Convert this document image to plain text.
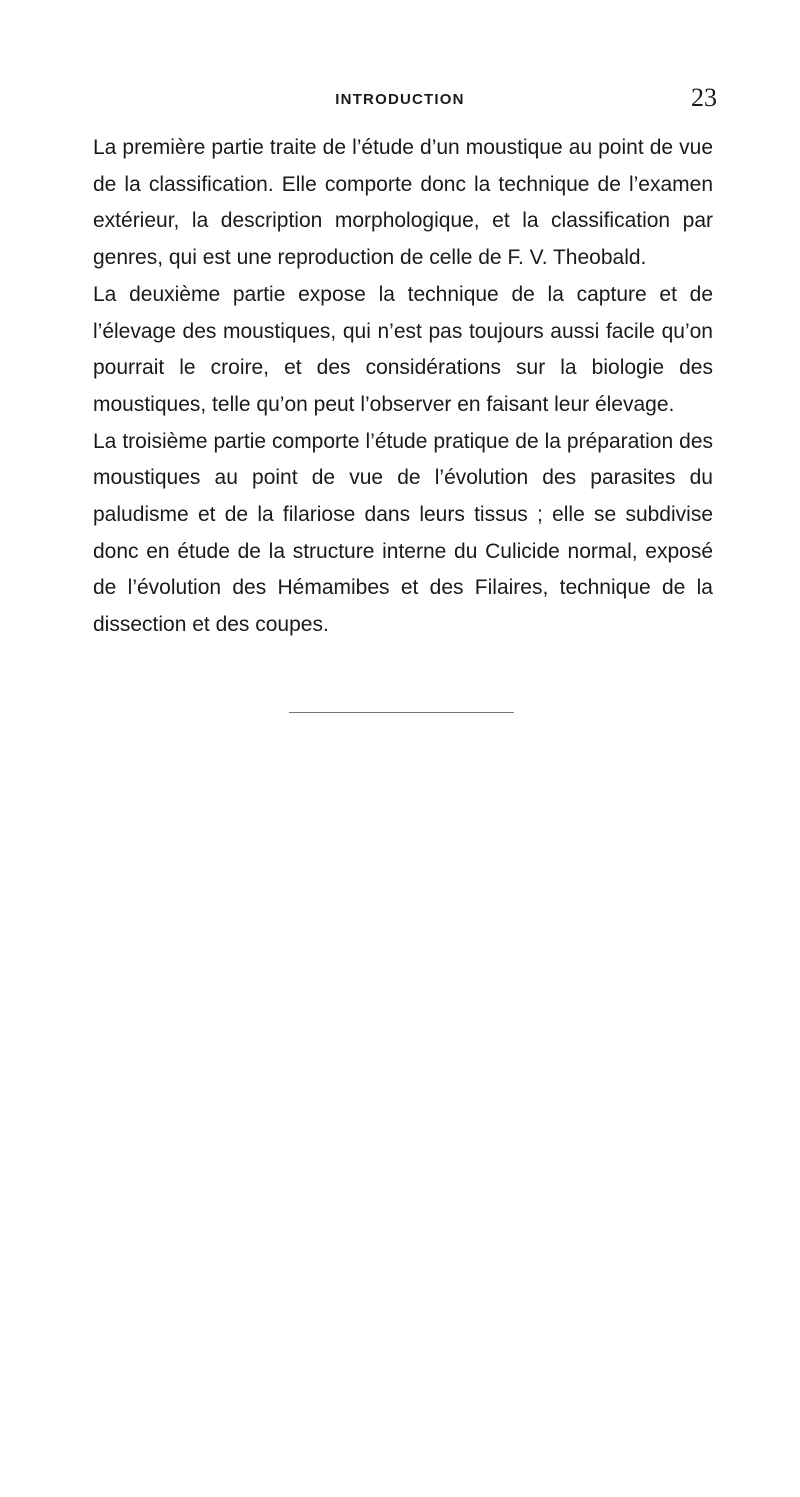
INTRODUCTION	23

La première partie traite de l’étude d’un moustique au point de vue de la classification. Elle comporte donc la technique de l’examen extérieur, la description morphologique, et la classification par genres, qui est une reproduction de celle de F. V. Theobald.

La deuxième partie expose la technique de la capture et de l’élevage des moustiques, qui n’est pas toujours aussi facile qu’on pourrait le croire, et des considérations sur la biologie des moustiques, telle qu’on peut l’observer en faisant leur élevage.

La troisième partie comporte l’étude pratique de la préparation des moustiques au point de vue de l’évolution des parasites du paludisme et de la filariose dans leurs tissus ; elle se subdivise donc en étude de la structure interne du Culicide normal, exposé de l’évolution des Hémamibes et des Filaires, technique de la dissection et des coupes.
